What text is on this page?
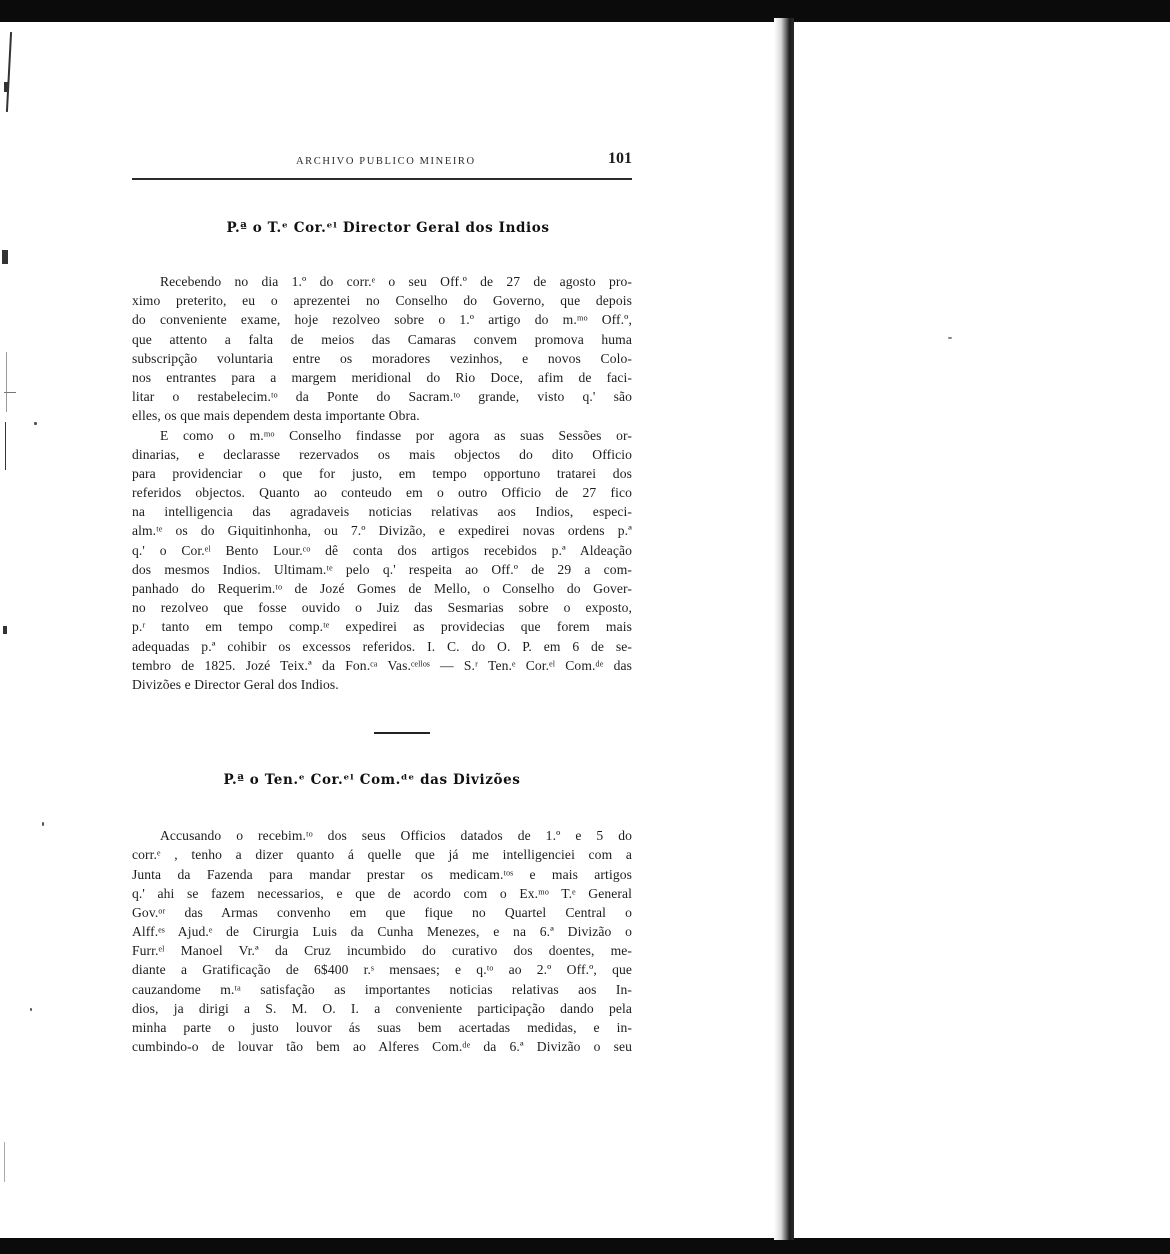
ARCHIVO PUBLICO MINEIRO	101
P.ª o T.ᵉ Cor.ᵉˡ Director Geral dos Indios
Recebendo no dia 1.º do corr.ᵉ o seu Off.º de 27 de agosto pro-
ximo preterito, eu o aprezentei no Conselho do Governo, que depois
do conveniente exame, hoje rezolveo sobre o 1.º artigo do m.ᵐᵒ Off.º,
que attento a falta de meios das Camaras convem promova huma
subscripção voluntaria entre os moradores vezinhos, e novos Colo-
nos entrantes para a margem meridional do Rio Doce, afim de faci-
litar o restabelecim.ᵗᵒ da Ponte do Sacram.ᵗᵒ grande, visto q.' são
elles, os que mais dependem desta importante Obra.
E como o m.ᵐᵒ Conselho findasse por agora as suas Sessões or-
dinarias, e declarasse rezervados os mais objectos do dito Officio
para providenciar o que for justo, em tempo opportuno tratarei dos
referidos objectos. Quanto ao conteudo em o outro Officio de 27 fico
na intelligencia das agradaveis noticias relativas aos Indios, especi-
alm.ᵗᵉ os do Giquitinhonha, ou 7.º Divizão, e expedirei novas ordens p.ª
q.' o Cor.ᵉˡ Bento Lour.ᶜᵒ dê conta dos artigos recebidos p.ª Aldeação
dos mesmos Indios. Ultimam.ᵗᵉ pelo q.' respeita ao Off.º de 29 a com-
panhado do Requerim.ᵗᵒ de Jozé Gomes de Mello, o Conselho do Gover-
no rezolveo que fosse ouvido o Juiz das Sesmarias sobre o exposto,
p.ʳ tanto em tempo comp.ᵗᵉ expedirei as providecias que forem mais
adequadas p.ª cohibir os excessos referidos. I. C. do O. P. em 6 de se-
tembro de 1825. Jozé Teix.ª da Fon.ᶜᵃ Vas.ᶜᵉˡˡᵒˢ — S.ʳ Ten.ᵉ Cor.ᵉˡ Com.ᵈᵉ das
Divizões e Director Geral dos Indios.
P.ª o Ten.ᵉ Cor.ᵉˡ Com.ᵈᵉ das Divizões
Accusando o recebim.ᵗᵒ dos seus Officios datados de 1.º e 5 do
corr.ᵉ , tenho a dizer quanto á quelle que já me intelligenciei com a
Junta da Fazenda para mandar prestar os medicam.ᵗᵒˢ e mais artigos
q.' ahi se fazem necessarios, e que de acordo com o Ex.ᵐᵒ T.ᵉ General
Gov.ᵒʳ das Armas convenho em que fique no Quartel Central o
Alff.ᵉˢ Ajud.ᵉ de Cirurgia Luis da Cunha Menezes, e na 6.ª Divizão o
Furr.ᵉˡ Manoel Vr.ª da Cruz incumbido do curativo dos doentes, me-
diante a Gratificação de 6$400 r.ˢ mensaes; e q.ᵗᵒ ao 2.º Off.º, que
cauzandome m.ᵗᵃ satisfação as importantes noticias relativas aos In-
dios, ja dirigi a S. M. O. I. a conveniente participação dando pela
minha parte o justo louvor ás suas bem acertadas medidas, e in-
cumbindo-o de louvar tão bem ao Alferes Com.ᵈᵉ da 6.ª Divizão o seu
